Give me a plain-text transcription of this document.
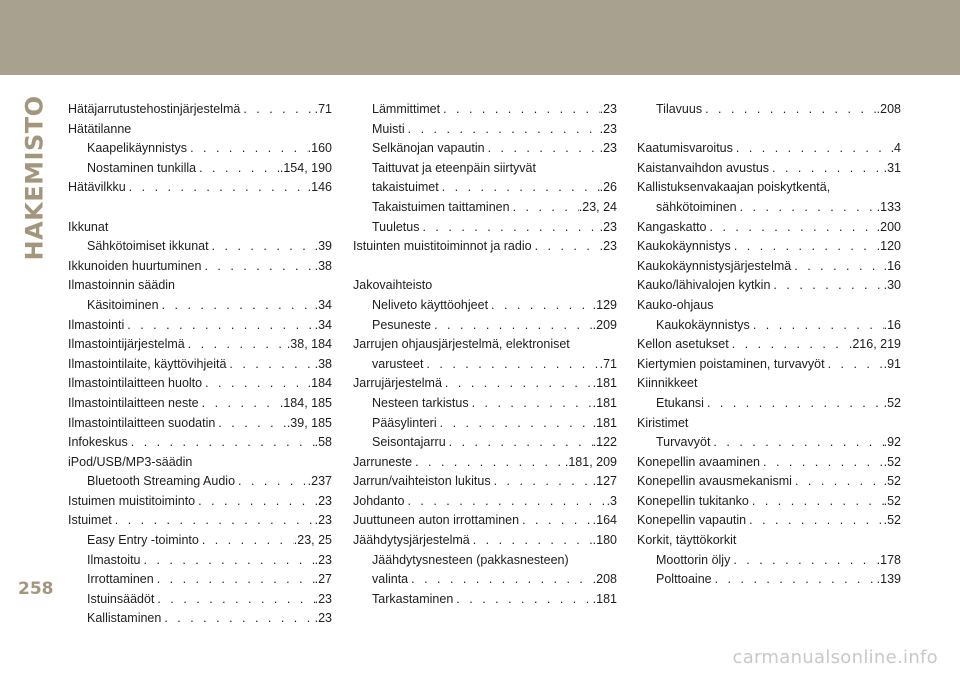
HAKEMISTO Hätäjarrutustehostinjärjestelmä . . .	.71
Hätätilanne
Kaapelikäynnistys . . .	.160
Nostaminen tunkilla . . .	.154, 190
Hätävilkku . . .	.146
Ikkunat
Sähkötoimiset ikkunat . . .	.39
Ikkunoiden huurtuminen . . .	.38
Ilmastoinnin säädin
Käsitoiminen . . .	.34
Ilmastointi . . .	.34
Ilmastointijärjestelmä . . .	.38, 184
Ilmastointilaite, käyttövihjeitä . . .	.38
Ilmastointilaitteen huolto . . .	.184
Ilmastointilaitteen neste . . .	.184, 185
Ilmastointilaitteen suodatin . . .	.39, 185
Infokeskus . . .	.58
iPod/USB/MP3-säädin
Bluetooth Streaming Audio . . .	.237
Istuimen muistitoiminto . . .	.23
Istuimet . . .	.23
Easy Entry -toiminto . . .	.23, 25
Ilmastoitu . . .	.23
Irrottaminen . . .	.27
Istuinsäädöt . . .	.23
Kallistaminen . . .	.23
Lämmittimet . . .	.23
Muisti . . .	.23
Selkänojan vapautin . . .	.23
Taittuvat ja eteenpäin siirtyvät
takaistuimet . . .	.26
Takaistuimen taittaminen . . .	.23, 24
Tuuletus . . .	.23
Istuinten muistitoiminnot ja radio . . .	.23
Jakovaihteisto
Neliveto käyttöohjeet . . .	.129
Pesuneste . . .	.209
Jarrujen ohjausjärjestelmä, elektroniset
varusteet . . .	.71
Jarrujärjestelmä . . .	.181
Nesteen tarkistus . . .	.181
Pääsylinteri . . .	.181
Seisontajarru . . .	.122
Jarruneste . . .	.181, 209
Jarrun/vaihteiston lukitus . . .	.127
Johdanto . . .	.3
Juuttuneen auton irrottaminen . . .	.164
Jäähdytysjärjestelmä . . .	.180
Jäähdytysnesteen (pakkasnesteen)
valinta . . .	.208
Tarkastaminen . . .	.181
Tilavuus . . .	.208
Kaatumisvaroitus . . .	.4
Kaistanvaihdon avustus . . .	.31
Kallistuksenvakaajan poiskytkentä,
sähkötoiminen . . .	.133
Kangaskatto . . .	.200
Kaukokäynnistys . . .	.120
Kaukokäynnistysjärjestelmä . . .	.16
Kauko/lähivalojen kytkin . . .	.30
Kauko-ohjaus
Kaukokäynnistys . . .	.16
Kellon asetukset . . .	.216, 219
Kiertymien poistaminen, turvavyöt . . .	.91
Kiinnikkeet
Etukansi . . .	.52
Kiristimet
Turvavyöt . . .	.92
Konepellin avaaminen . . .	.52
Konepellin avausmekanismi . . .	.52
Konepellin tukitanko . . .	.52
Konepellin vapautin . . .	.52
Korkit, täyttökorkit
Moottorin öljy . . .	.178
Polttoaine . . .	.139
258
carmanualsonline.info
